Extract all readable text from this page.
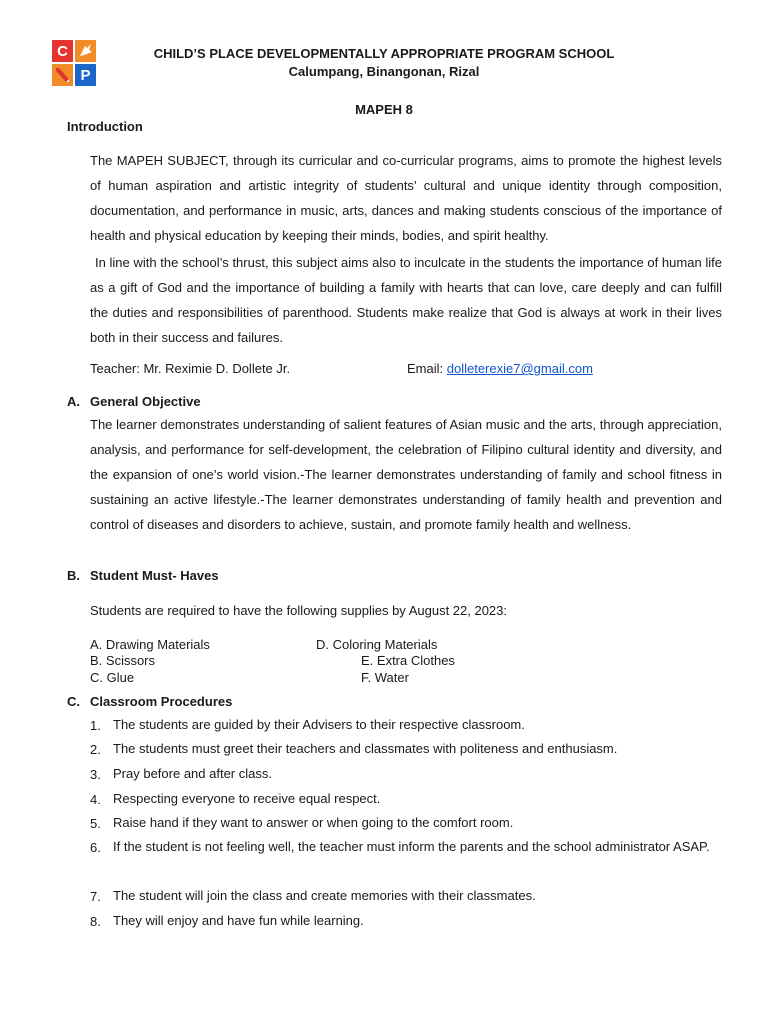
C
P
CHILD’S PLACE DEVELOPMENTALLY APPROPRIATE PROGRAM SCHOOL
Calumpang, Binangonan, Rizal
MAPEH 8
Introduction

The MAPEH SUBJECT, through its curricular and co-curricular programs, aims to promote the highest levels of human aspiration and artistic integrity of students’ cultural and unique identity through composition, documentation, and performance in music, arts, dances and making students conscious of the importance of health and physical education by keeping their minds, bodies, and spirit healthy.

In line with the school’s thrust, this subject aims also to inculcate in the students the importance of human life as a gift of God and the importance of building a family with hearts that can love, care deeply and can fulfill the duties and responsibilities of parenthood. Students make realize that God is always at work in their lives both in their success and failures.

Teacher: Mr. Reximie D. Dollete Jr.	Email: dolleterexie7@gmail.com
A. General Objective

The learner demonstrates understanding of salient features of Asian music and the arts, through appreciation, analysis, and performance for self-development, the celebration of Filipino cultural identity and diversity, and the expansion of one’s world vision.-The learner demonstrates understanding of family and school fitness in sustaining an active lifestyle.-The learner demonstrates understanding of family health and prevention and control of diseases and disorders to achieve, sustain, and promote family health and wellness.

B. Student Must- Haves
Students are required to have the following supplies by August 22, 2023:
A. Drawing Materials
B. Scissors
C. Glue
D. Coloring Materials
E. Extra Clothes
F. Water
C. Classroom Procedures
1. The students are guided by their Advisers to their respective classroom.
2. The students must greet their teachers and classmates with politeness and enthusiasm.
3. Pray before and after class.
4. Respecting everyone to receive equal respect.
5. Raise hand if they want to answer or when going to the comfort room.
6. If the student is not feeling well, the teacher must inform the parents and the school administrator ASAP.
7. The student will join the class and create memories with their classmates.
8. They will enjoy and have fun while learning.
